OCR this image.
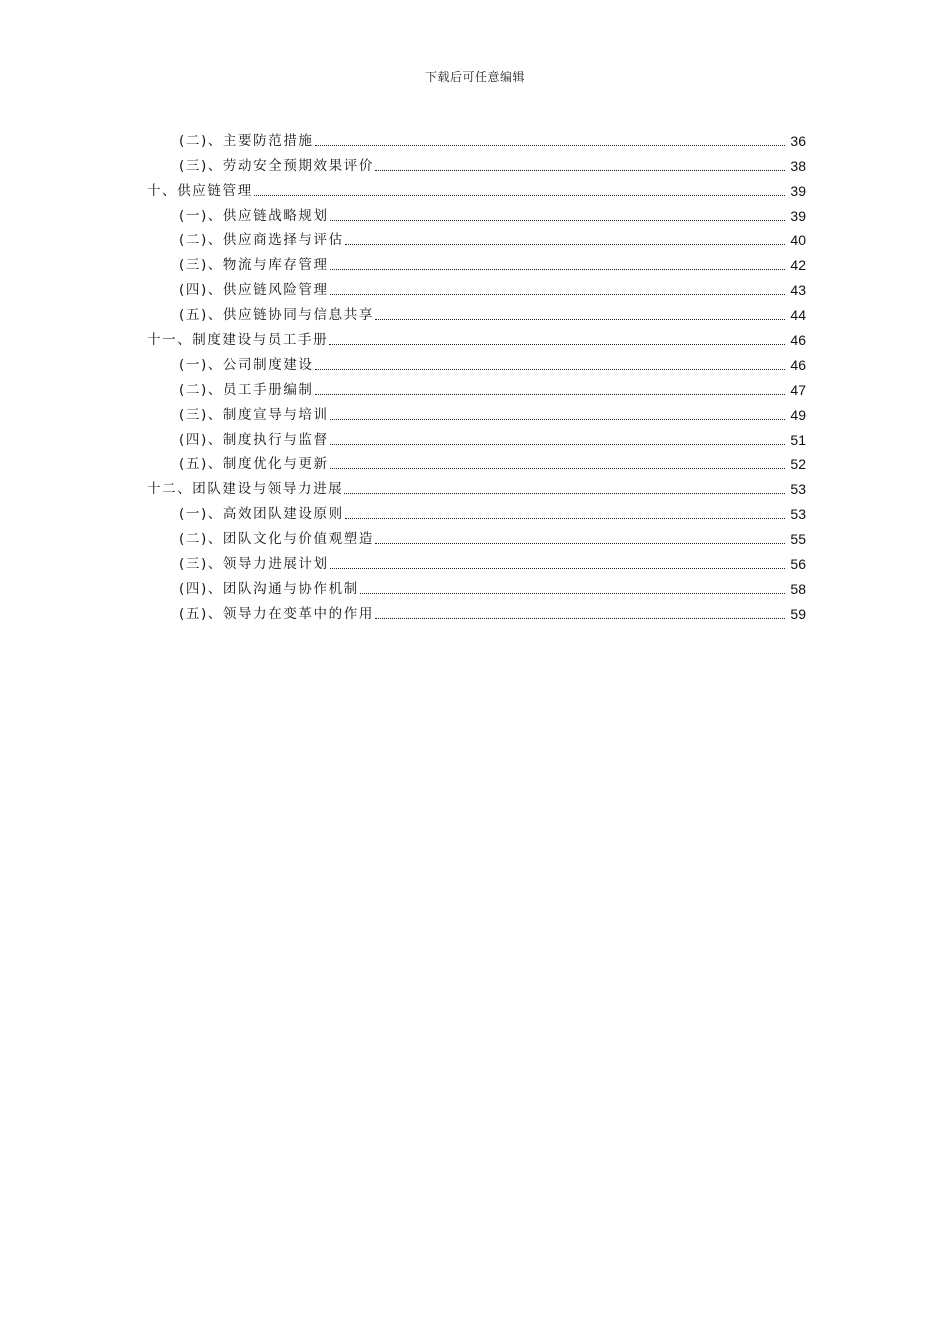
下载后可任意编辑
(二)、主要防范措施	36
(三)、劳动安全预期效果评价	38
十、供应链管理	39
(一)、供应链战略规划	39
(二)、供应商选择与评估	40
(三)、物流与库存管理	42
(四)、供应链风险管理	43
(五)、供应链协同与信息共享	44
十一、制度建设与员工手册	46
(一)、公司制度建设	46
(二)、员工手册编制	47
(三)、制度宣导与培训	49
(四)、制度执行与监督	51
(五)、制度优化与更新	52
十二、团队建设与领导力进展	53
(一)、高效团队建设原则	53
(二)、团队文化与价值观塑造	55
(三)、领导力进展计划	56
(四)、团队沟通与协作机制	58
(五)、领导力在变革中的作用	59
